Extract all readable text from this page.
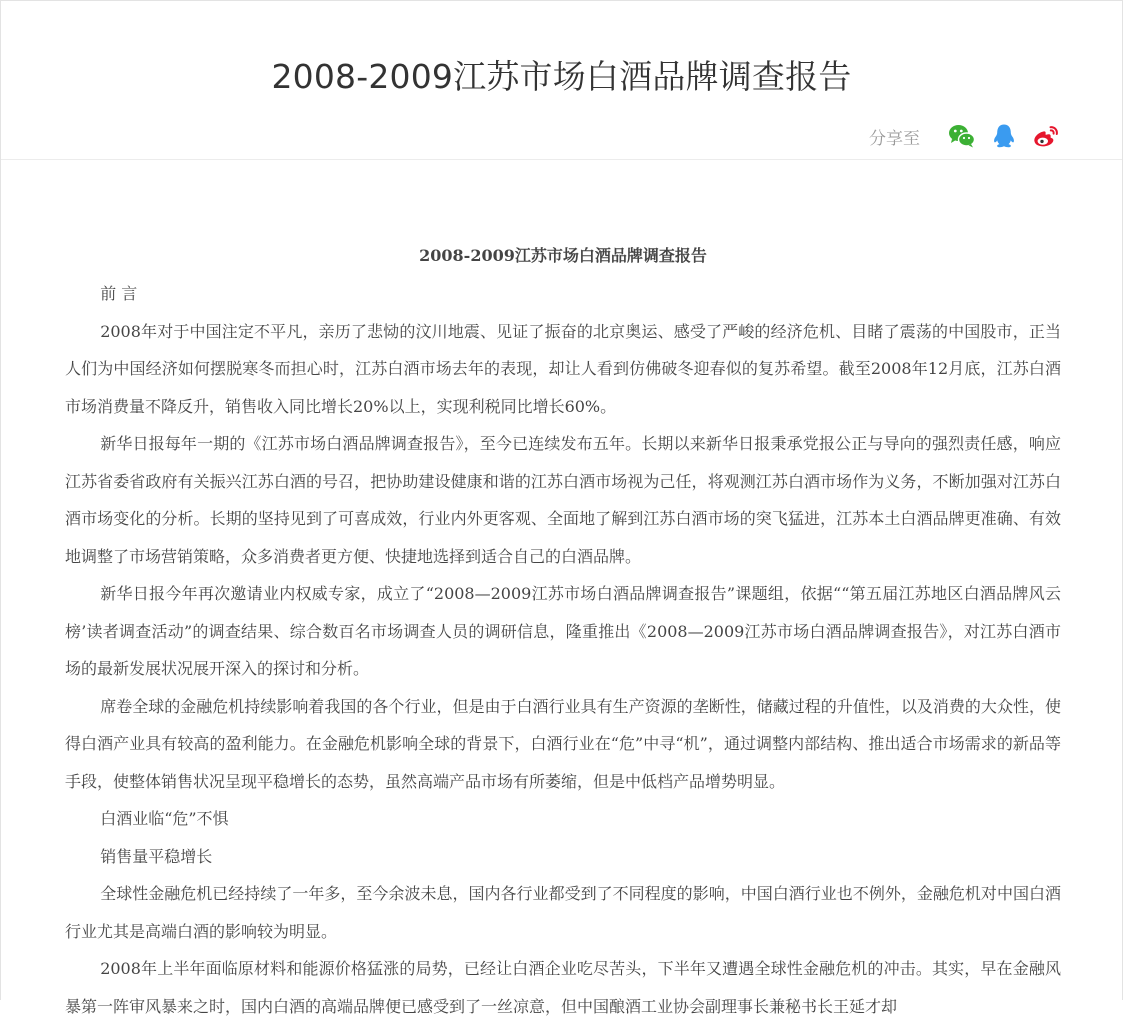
2008-2009江苏市场白酒品牌调查报告
分享至

2008-2009江苏市场白酒品牌调查报告

前 言

2008年对于中国注定不平凡，亲历了悲恸的汶川地震、见证了振奋的北京奥运、感受了严峻的经济危机、目睹了震荡的中国股市，正当人们为中国经济如何摆脱寒冬而担心时，江苏白酒市场去年的表现，却让人看到仿佛破冬迎春似的复苏希望。截至2008年12月底，江苏白酒市场消费量不降反升，销售收入同比增长20%以上，实现利税同比增长60%。

新华日报每年一期的《江苏市场白酒品牌调查报告》，至今已连续发布五年。长期以来新华日报秉承党报公正与导向的强烈责任感，响应江苏省委省政府有关振兴江苏白酒的号召，把协助建设健康和谐的江苏白酒市场视为己任，将观测江苏白酒市场作为义务，不断加强对江苏白酒市场变化的分析。长期的坚持见到了可喜成效，行业内外更客观、全面地了解到江苏白酒市场的突飞猛进，江苏本土白酒品牌更准确、有效地调整了市场营销策略，众多消费者更方便、快捷地选择到适合自己的白酒品牌。

新华日报今年再次邀请业内权威专家，成立了“2008—2009江苏市场白酒品牌调查报告”课题组，依据““第五届江苏地区白酒品牌风云榜’读者调查活动”的调查结果、综合数百名市场调查人员的调研信息，隆重推出《2008—2009江苏市场白酒品牌调查报告》，对江苏白酒市场的最新发展状况展开深入的探讨和分析。

席卷全球的金融危机持续影响着我国的各个行业，但是由于白酒行业具有生产资源的垄断性，储藏过程的升值性，以及消费的大众性，使得白酒产业具有较高的盈利能力。在金融危机影响全球的背景下，白酒行业在“危”中寻“机”，通过调整内部结构、推出适合市场需求的新品等手段，使整体销售状况呈现平稳增长的态势，虽然高端产品市场有所萎缩，但是中低档产品增势明显。

白酒业临“危”不惧

销售量平稳增长

全球性金融危机已经持续了一年多，至今余波未息，国内各行业都受到了不同程度的影响，中国白酒行业也不例外，金融危机对中国白酒行业尤其是高端白酒的影响较为明显。

2008年上半年面临原材料和能源价格猛涨的局势，已经让白酒企业吃尽苦头，下半年又遭遇全球性金融危机的冲击。其实，早在金融风暴第一阵审风暴来之时，国内白酒的高端品牌便已感受到了一丝凉意，但中国酿酒工业协会副理事长兼秘书长王延才却
